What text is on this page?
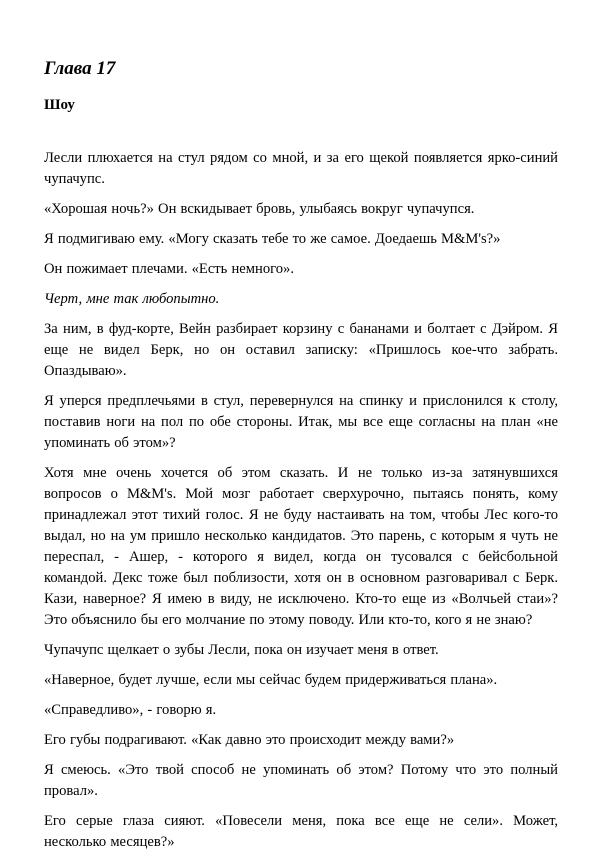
Глава 17
Шоу

Лесли плюхается на стул рядом со мной, и за его щекой появляется ярко-синий чупачупс.

«Хорошая ночь?» Он вскидывает бровь, улыбаясь вокруг чупачупся.

Я подмигиваю ему. «Могу сказать тебе то же самое. Доедаешь M&M's?»

Он пожимает плечами. «Есть немного».

Черт, мне так любопытно.

За ним, в фуд-корте, Вейн разбирает корзину с бананами и болтает с Дэйром. Я еще не видел Берк, но он оставил записку: «Пришлось кое-что забрать. Опаздываю».

Я уперся предплечьями в стул, перевернулся на спинку и прислонился к столу, поставив ноги на пол по обе стороны. Итак, мы все еще согласны на план «не упоминать об этом»?

Хотя мне очень хочется об этом сказать. И не только из-за затянувшихся вопросов о M&M's. Мой мозг работает сверхурочно, пытаясь понять, кому принадлежал этот тихий голос. Я не буду настаивать на том, чтобы Лес кого-то выдал, но на ум пришло несколько кандидатов. Это парень, с которым я чуть не переспал, - Ашер, - которого я видел, когда он тусовался с бейсбольной командой. Декс тоже был поблизости, хотя он в основном разговаривал с Берк. Кази, наверное? Я имею в виду, не исключено. Кто-то еще из «Волчьей стаи»? Это объяснило бы его молчание по этому поводу. Или кто-то, кого я не знаю?

Чупачупс щелкает о зубы Лесли, пока он изучает меня в ответ.

«Наверное, будет лучше, если мы сейчас будем придерживаться плана».

«Справедливо», - говорю я.

Его губы подрагивают. «Как давно это происходит между вами?»

Я смеюсь. «Это твой способ не упоминать об этом? Потому что это полный провал».

Его серые глаза сияют. «Повесели меня, пока все еще не сели». Может, несколько месяцев?»
